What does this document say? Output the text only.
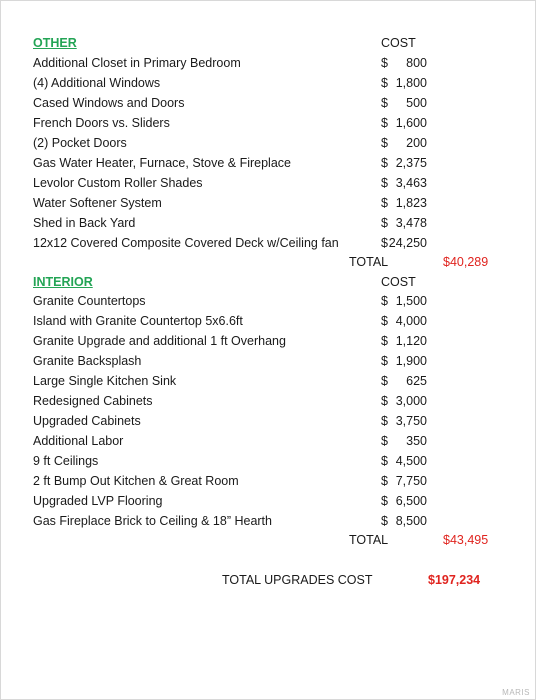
OTHER	COST
Additional Closet in Primary Bedroom	$ 800
(4) Additional Windows	$ 1,800
Cased Windows and Doors	$ 500
French Doors vs. Sliders	$ 1,600
(2) Pocket Doors	$ 200
Gas Water Heater, Furnace, Stove & Fireplace	$ 2,375
Levolor Custom Roller Shades	$ 3,463
Water Softener System	$ 1,823
Shed in Back Yard	$ 3,478
12x12 Covered Composite Covered Deck w/Ceiling fan	$ 24,250
TOTAL	$40,289
INTERIOR	COST
Granite Countertops	$ 1,500
Island with Granite Countertop 5x6.6ft	$ 4,000
Granite Upgrade and additional 1 ft Overhang	$ 1,120
Granite Backsplash	$ 1,900
Large Single Kitchen Sink	$ 625
Redesigned Cabinets	$ 3,000
Upgraded Cabinets	$ 3,750
Additional Labor	$ 350
9 ft Ceilings	$ 4,500
2 ft Bump Out Kitchen & Great Room	$ 7,750
Upgraded LVP Flooring	$ 6,500
Gas Fireplace Brick to Ceiling & 18” Hearth	$ 8,500
TOTAL	$43,495
TOTAL UPGRADES COST	$197,234
MARIS
